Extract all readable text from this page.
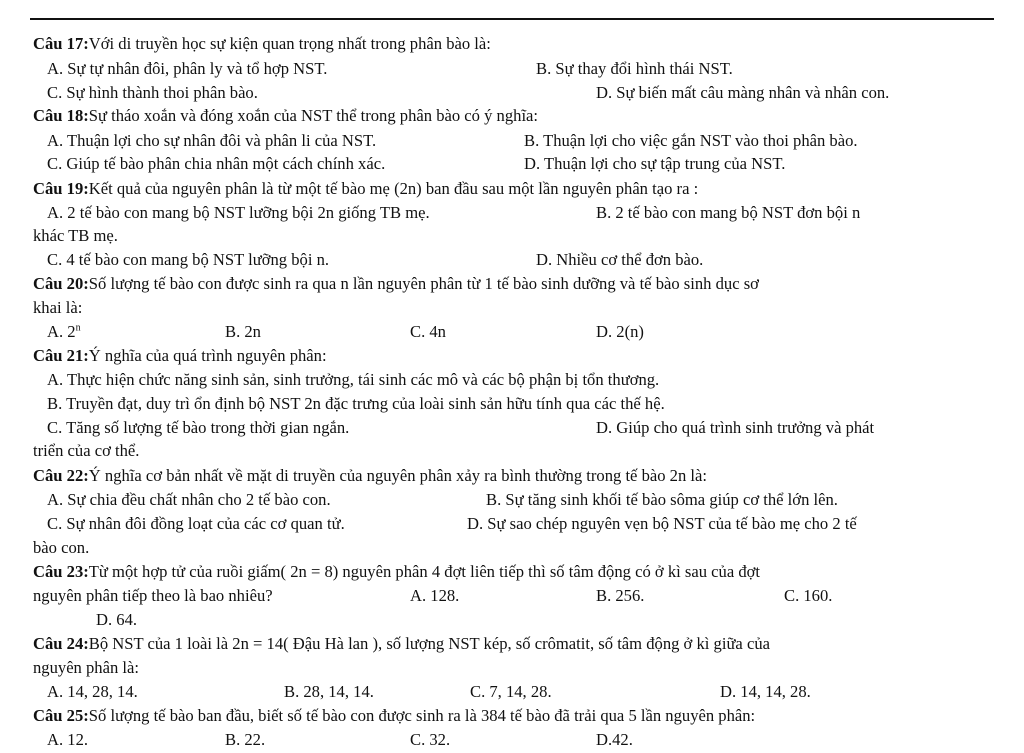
Câu 17:Với di truyền học sự kiện quan trọng nhất trong phân bào là:
A. Sự tự nhân đôi, phân ly và tổ hợp NST.	B. Sự thay đổi hình thái NST.
C. Sự hình thành thoi phân bào.	D. Sự biến mất câu màng nhân và nhân con.
Câu 18:Sự tháo xoắn và đóng xoắn của NST thể trong phân bào có ý nghĩa:
A. Thuận lợi cho sự nhân đôi và phân li của NST.	B. Thuận lợi cho việc gắn NST vào thoi phân bào.
C. Giúp tế bào phân chia nhân một cách chính xác.	D. Thuận lợi cho sự tập trung của NST.
Câu 19:Kết quả của nguyên phân là từ một tế bào mẹ (2n) ban đầu sau một lần nguyên phân tạo ra :
A. 2 tế bào con mang bộ NST lưỡng bội 2n giống TB mẹ.	B. 2 tế bào con mang bộ NST đơn bội n
khác TB mẹ.
C. 4 tế bào con mang bộ NST lưỡng bội n.	D. Nhiều cơ thể đơn bào.
Câu 20:Số lượng tế bào con được sinh ra qua n lần nguyên phân từ 1 tế bào sinh dưỡng và tế bào sinh dục sơ
khai là:
A. 2$^n$	B. 2n	C. 4n	D. 2(n)
Câu 21:Ý nghĩa của quá trình nguyên phân:
A. Thực hiện chức năng sinh sản, sinh trưởng, tái sinh các mô và các bộ phận bị tổn thương.
B. Truyền đạt, duy trì ổn định bộ NST 2n đặc trưng của loài sinh sản hữu tính qua các thế hệ.
C. Tăng số lượng tế bào trong thời gian ngắn.	D. Giúp cho quá trình sinh trưởng và phát
triển của cơ thể.
Câu 22:Ý nghĩa cơ bản nhất về mặt di truyền của nguyên phân xảy ra bình thường trong tế bào 2n là:
A. Sự chia đều chất nhân cho 2 tế bào con.	B. Sự tăng sinh khối tế bào sôma giúp cơ thể lớn lên.
C. Sự nhân đôi đồng loạt của các cơ quan tử.	D. Sự sao chép nguyên vẹn bộ NST của tế bào mẹ cho 2 tế
bào con.
Câu 23:Từ một hợp tử của ruồi giấm( 2n = 8) nguyên phân 4 đợt liên tiếp thì số tâm động có ở kì sau của đợt
nguyên phân tiếp theo là bao nhiêu?	A. 128.	B. 256.	C. 160.
D. 64.
Câu 24:Bộ NST của 1 loài là 2n = 14( Đậu Hà lan ), số lượng NST kép, số crômatit, số tâm động ở kì giữa của
nguyên phân là:
A. 14, 28, 14.	B. 28, 14, 14.	C. 7, 14, 28.	D. 14, 14, 28.
Câu 25:Số lượng tế bào ban đầu, biết số tế bào con được sinh ra là 384 tế bào đã trải qua 5 lần nguyên phân:
A. 12.	B. 22.	C. 32.	D.42.
